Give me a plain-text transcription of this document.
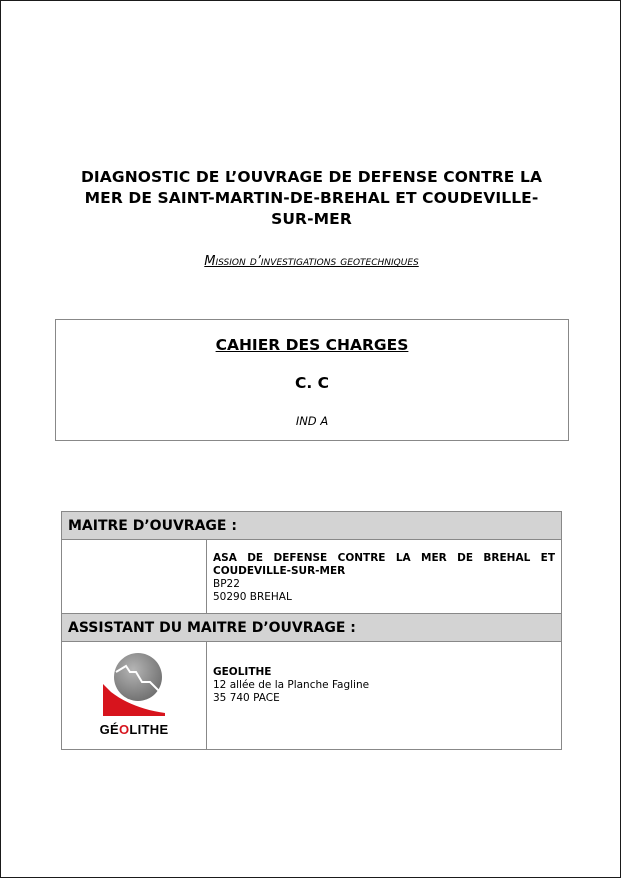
DIAGNOSTIC DE L’OUVRAGE DE DEFENSE CONTRE LA
MER DE SAINT-MARTIN-DE-BREHAL ET COUDEVILLE-
SUR-MER
Mission d’investigations geotechniques
CAHIER DES CHARGES
C. C
IND A
MAITRE D’OUVRAGE :	

	ASA DE DEFENSE CONTRE LA MER DE BREHAL ET COUDEVILLE-SUR-MER
BP22
50290 BREHAL

ASSISTANT DU MAITRE D’OUVRAGE :	

GÉOLITHE	GEOLITHE
12 allée de la Planche Fagline
35 740 PACE
